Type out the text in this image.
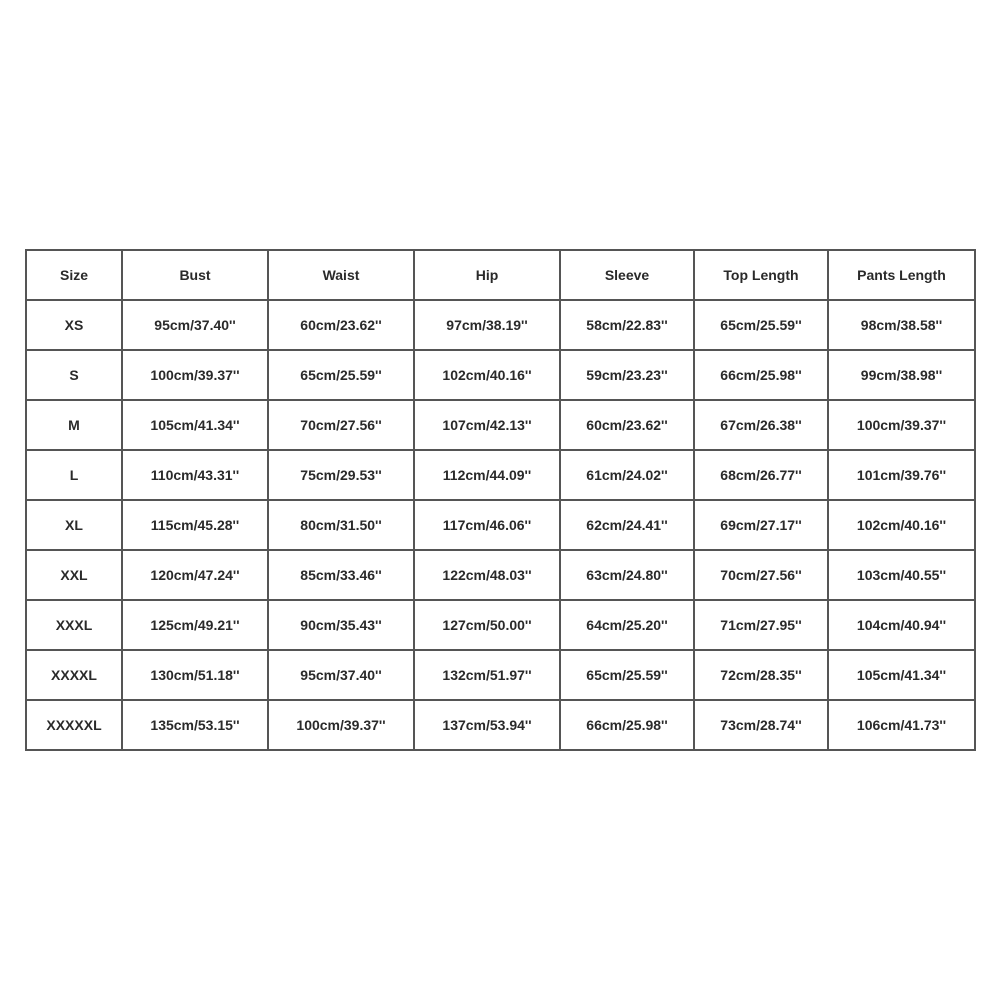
Size	Bust	Waist	Hip	Sleeve	Top Length	Pants Length
XS	95cm/37.40''	60cm/23.62''	97cm/38.19''	58cm/22.83''	65cm/25.59''	98cm/38.58''
S	100cm/39.37''	65cm/25.59''	102cm/40.16''	59cm/23.23''	66cm/25.98''	99cm/38.98''
M	105cm/41.34''	70cm/27.56''	107cm/42.13''	60cm/23.62''	67cm/26.38''	100cm/39.37''
L	110cm/43.31''	75cm/29.53''	112cm/44.09''	61cm/24.02''	68cm/26.77''	101cm/39.76''
XL	115cm/45.28''	80cm/31.50''	117cm/46.06''	62cm/24.41''	69cm/27.17''	102cm/40.16''
XXL	120cm/47.24''	85cm/33.46''	122cm/48.03''	63cm/24.80''	70cm/27.56''	103cm/40.55''
XXXL	125cm/49.21''	90cm/35.43''	127cm/50.00''	64cm/25.20''	71cm/27.95''	104cm/40.94''
XXXXL	130cm/51.18''	95cm/37.40''	132cm/51.97''	65cm/25.59''	72cm/28.35''	105cm/41.34''
XXXXXL	135cm/53.15''	100cm/39.37''	137cm/53.94''	66cm/25.98''	73cm/28.74''	106cm/41.73''
